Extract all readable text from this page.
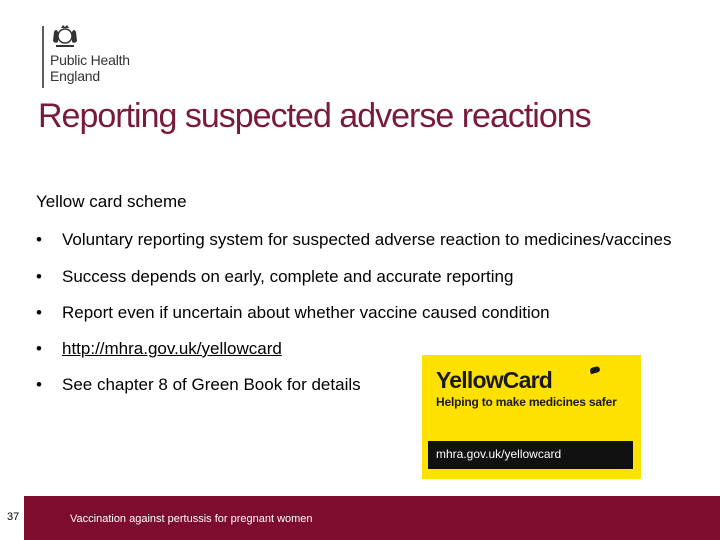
Public Health
England
Reporting suspected adverse reactions
Yellow card scheme
• Voluntary reporting system for suspected adverse reaction to medicines/vaccines
• Success depends on early, complete and accurate reporting
• Report even if uncertain about whether vaccine caused condition
• http://mhra.gov.uk/yellowcard
• See chapter 8 of Green Book for details	YellowCard
Helping to make medicines safer
mhra.gov.uk/yellowcard
Vaccination against pertussis for pregnant women
37
